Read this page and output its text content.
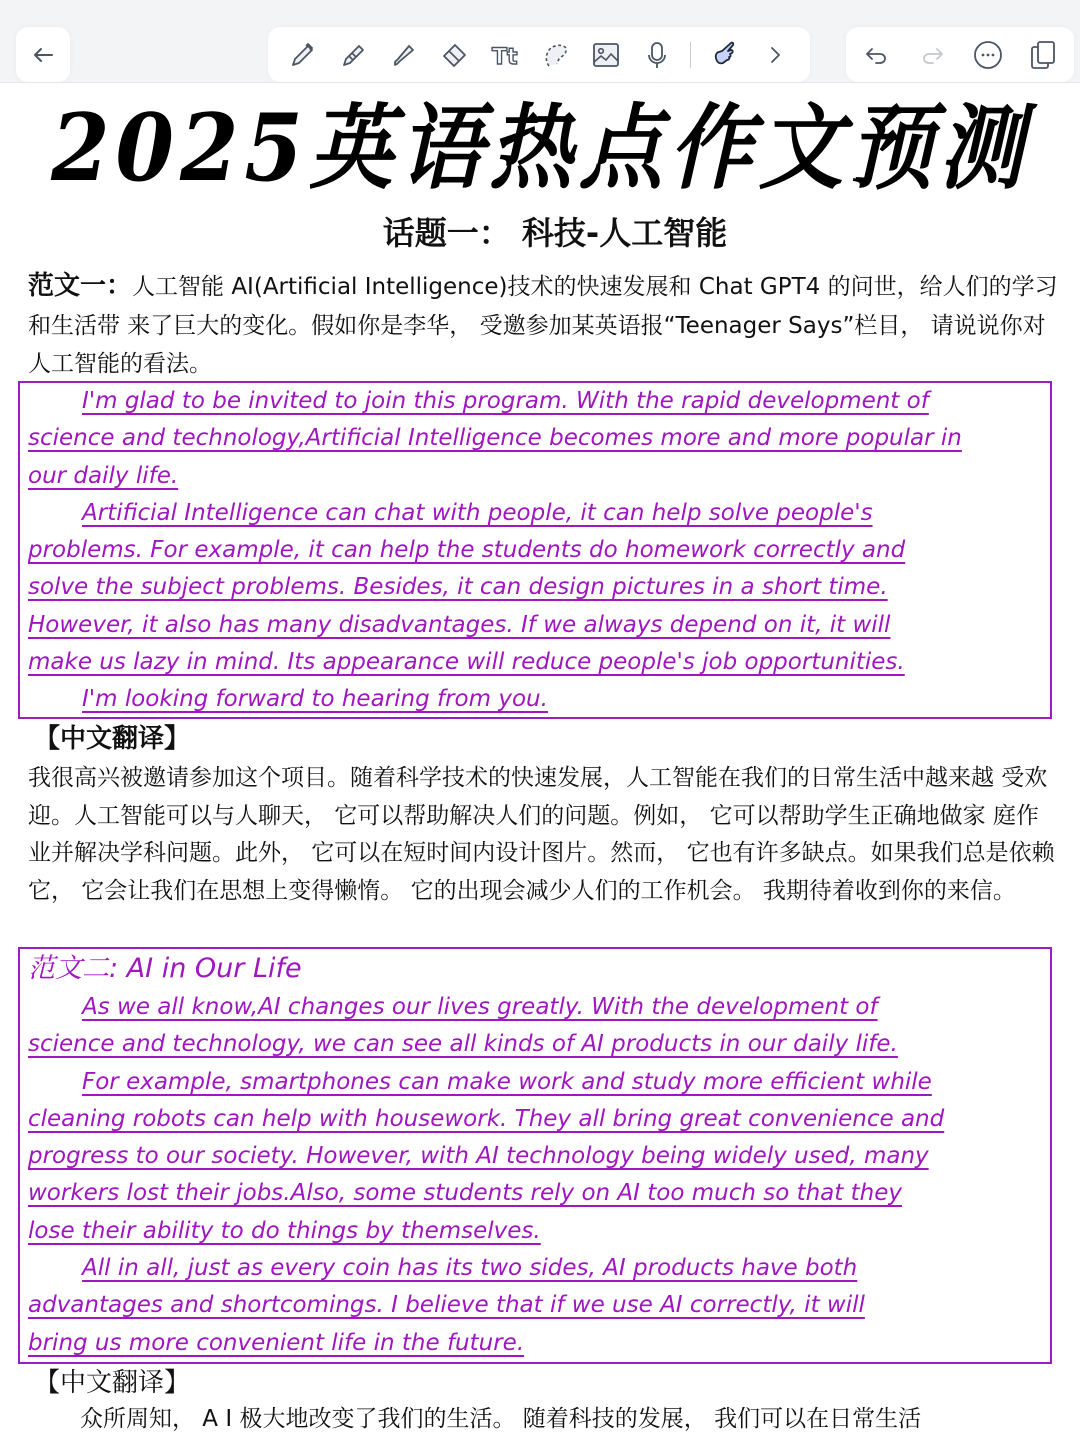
Tt
2025英语热点作文预测
话题一： 科技-人工智能
范文一：人工智能 AI(Artificial Intelligence)技术的快速发展和 Chat GPT4 的问世，给人们的学习和生活带 来了巨大的变化。假如你是李华， 受邀参加某英语报“Teenager Says”栏目， 请说说你对人工智能的看法。

I'm glad to be invited to join this program. With the rapid development of

science and technology,Artificial Intelligence becomes more and more popular in

our daily life.

Artificial Intelligence can chat with people, it can help solve people's

problems. For example, it can help the students do homework correctly and

solve the subject problems. Besides, it can design pictures in a short time.

However, it also has many disadvantages. If we always depend on it, it will

make us lazy in mind. Its appearance will reduce people's job opportunities.

I'm looking forward to hearing from you.

【中文翻译】

我很高兴被邀请参加这个项目。随着科学技术的快速发展，人工智能在我们的日常生活中越来越 受欢迎。人工智能可以与人聊天， 它可以帮助解决人们的问题。例如， 它可以帮助学生正确地做家 庭作业并解决学科问题。此外， 它可以在短时间内设计图片。然而， 它也有许多缺点。如果我们总是依赖它， 它会让我们在思想上变得懒惰。 它的出现会减少人们的工作机会。 我期待着收到你的来信。

范文二: AI in Our Life

As we all know,AI changes our lives greatly. With the development of

science and technology, we can see all kinds of AI products in our daily life.

For example, smartphones can make work and study more efficient while

cleaning robots can help with housework. They all bring great convenience and

progress to our society. However, with AI technology being widely used, many

workers lost their jobs.Also, some students rely on AI too much so that they

lose their ability to do things by themselves.

All in all, just as every coin has its two sides, AI products have both

advantages and shortcomings. I believe that if we use AI correctly, it will

bring us more convenient life in the future.

【中文翻译】

众所周知， A I 极大地改变了我们的生活。 随着科技的发展， 我们可以在日常生活
